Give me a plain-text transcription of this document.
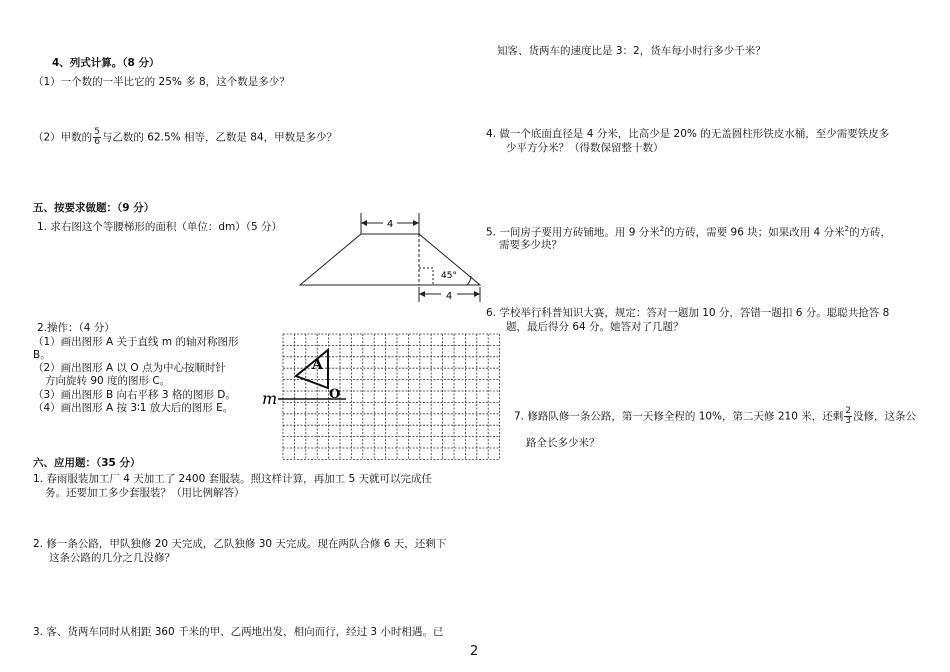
4、列式计算。（8 分）
（1）一个数的一半比它的 25% 多 8，这个数是多少？
（2）甲数的 $\frac{5}{6}$ 与乙数的 62.5% 相等，乙数是 84，甲数是多少？
五、按要求做题：（9 分）
1. 求右图这个等腰梯形的面积（单位：dm）（5 分）
2.操作：（4 分）
（1）画出图形 A 关于直线 m 的轴对称图形
B。
（2）画出图形 A 以 O 点为中心按顺时针
方向旋转 90 度的图形 C。
（3）画出图形 B 向右平移 3 格的图形 D。
（4）画出图形 A 按 3∶1 放大后的图形 E。
六、应用题：（35 分）
1. 春雨服装加工厂 4 天加工了 2400 套服装。照这样计算，再加工 5 天就可以完成任
务。还要加工多少套服装？（用比例解答）
2. 修一条公路，甲队独修 20 天完成，乙队独修 30 天完成。现在两队合修 6 天，还剩下
这条公路的几分之几没修？
3. 客、货两车同时从相距 360 千米的甲、乙两地出发，相向而行，经过 3 小时相遇。已
4
45°
4
m
A
O
知客、货两车的速度比是 3：2，货车每小时行多少千米？
4. 做一个底面直径是 4 分米，比高少是 20% 的无盖圆柱形铁皮水桶，至少需要铁皮多
少平方分米？（得数保留整十数）
5. 一间房子要用方砖铺地。用 9 分米$^2$的方砖，需要 96 块；如果改用 4 分米$^2$的方砖，
需要多少块？
6. 学校举行科普知识大赛，规定：答对一题加 10 分，答错一题扣 6 分。聪聪共抢答 8
题，最后得分 64 分。她答对了几题？
7. 修路队修一条公路，第一天修全程的 10%，第二天修 210 米，还剩 $\frac{2}{3}$ 没修，这条公
路全长多少米？
2
